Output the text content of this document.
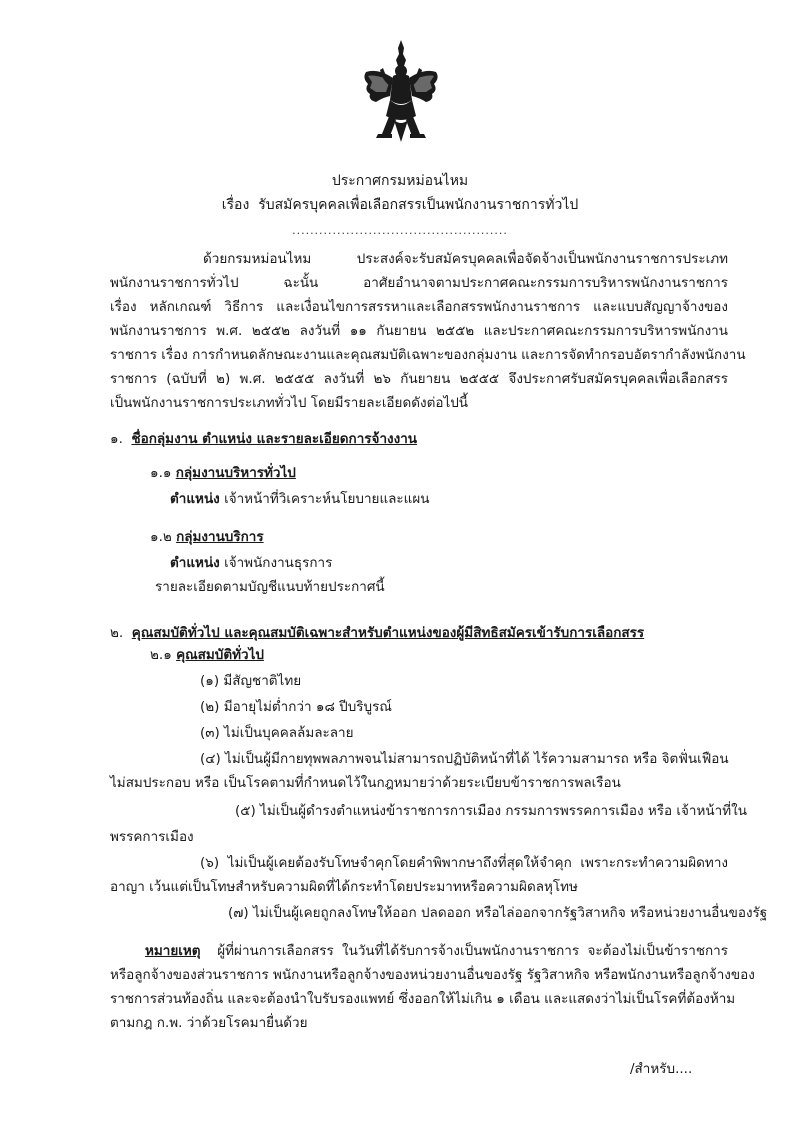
ประกาศกรมหม่อนไหม
เรื่อง รับสมัครบุคคลเพื่อเลือกสรรเป็นพนักงานราชการทั่วไป
................................................
ด้วยกรมหม่อนไหม ประสงค์จะรับสมัครบุคคลเพื่อจัดจ้างเป็นพนักงานราชการประเภท
พนักงานราชการทั่วไป ฉะนั้น อาศัยอำนาจตามประกาศคณะกรรมการบริหารพนักงานราชการ
เรื่อง หลักเกณฑ์ วิธีการ และเงื่อนไขการสรรหาและเลือกสรรพนักงานราชการ และแบบสัญญาจ้างของ
พนักงานราชการ พ.ศ. ๒๕๕๒ ลงวันที่ ๑๑ กันยายน ๒๕๕๒ และประกาศคณะกรรมการบริหารพนักงาน
ราชการ เรื่อง การกำหนดลักษณะงานและคุณสมบัติเฉพาะของกลุ่มงาน และการจัดทำกรอบอัตรากำลังพนักงาน
ราชการ (ฉบับที่ ๒) พ.ศ. ๒๕๕๕ ลงวันที่ ๒๖ กันยายน ๒๕๕๕ จึงประกาศรับสมัครบุคคลเพื่อเลือกสรร
เป็นพนักงานราชการประเภททั่วไป โดยมีรายละเอียดดังต่อไปนี้
๑. ชื่อกลุ่มงาน ตำแหน่ง และรายละเอียดการจ้างงาน
๑.๑ กลุ่มงานบริหารทั่วไป
ตำแหน่ง เจ้าหน้าที่วิเคราะห์นโยบายและแผน
๑.๒ กลุ่มงานบริการ
ตำแหน่ง เจ้าพนักงานธุรการ
รายละเอียดตามบัญชีแนบท้ายประกาศนี้
๒. คุณสมบัติทั่วไป และคุณสมบัติเฉพาะสำหรับตำแหน่งของผู้มีสิทธิสมัครเข้ารับการเลือกสรร
๒.๑ คุณสมบัติทั่วไป
(๑) มีสัญชาติไทย
(๒) มีอายุไม่ต่ำกว่า ๑๘ ปีบริบูรณ์
(๓) ไม่เป็นบุคคลล้มละลาย
(๔) ไม่เป็นผู้มีกายทุพพลภาพจนไม่สามารถปฏิบัติหน้าที่ได้ ไร้ความสามารถ หรือ จิตฟั่นเฟือน
ไม่สมประกอบ หรือ เป็นโรคตามที่กำหนดไว้ในกฎหมายว่าด้วยระเบียบข้าราชการพลเรือน
(๕) ไม่เป็นผู้ดำรงตำแหน่งข้าราชการการเมือง กรรมการพรรคการเมือง หรือ เจ้าหน้าที่ใน
พรรคการเมือง
(๖) ไม่เป็นผู้เคยต้องรับโทษจำคุกโดยคำพิพากษาถึงที่สุดให้จำคุก เพราะกระทำความผิดทาง
อาญา เว้นแต่เป็นโทษสำหรับความผิดที่ได้กระทำโดยประมาทหรือความผิดลหุโทษ
(๗) ไม่เป็นผู้เคยถูกลงโทษให้ออก ปลดออก หรือไล่ออกจากรัฐวิสาหกิจ หรือหน่วยงานอื่นของรัฐ
หมายเหตุ ผู้ที่ผ่านการเลือกสรร ในวันที่ได้รับการจ้างเป็นพนักงานราชการ จะต้องไม่เป็นข้าราชการ
หรือลูกจ้างของส่วนราชการ พนักงานหรือลูกจ้างของหน่วยงานอื่นของรัฐ รัฐวิสาหกิจ หรือพนักงานหรือลูกจ้างของ
ราชการส่วนท้องถิ่น และจะต้องนำใบรับรองแพทย์ ซึ่งออกให้ไม่เกิน ๑ เดือน และแสดงว่าไม่เป็นโรคที่ต้องห้าม
ตามกฎ ก.พ. ว่าด้วยโรคมายื่นด้วย
/สำหรับ....
